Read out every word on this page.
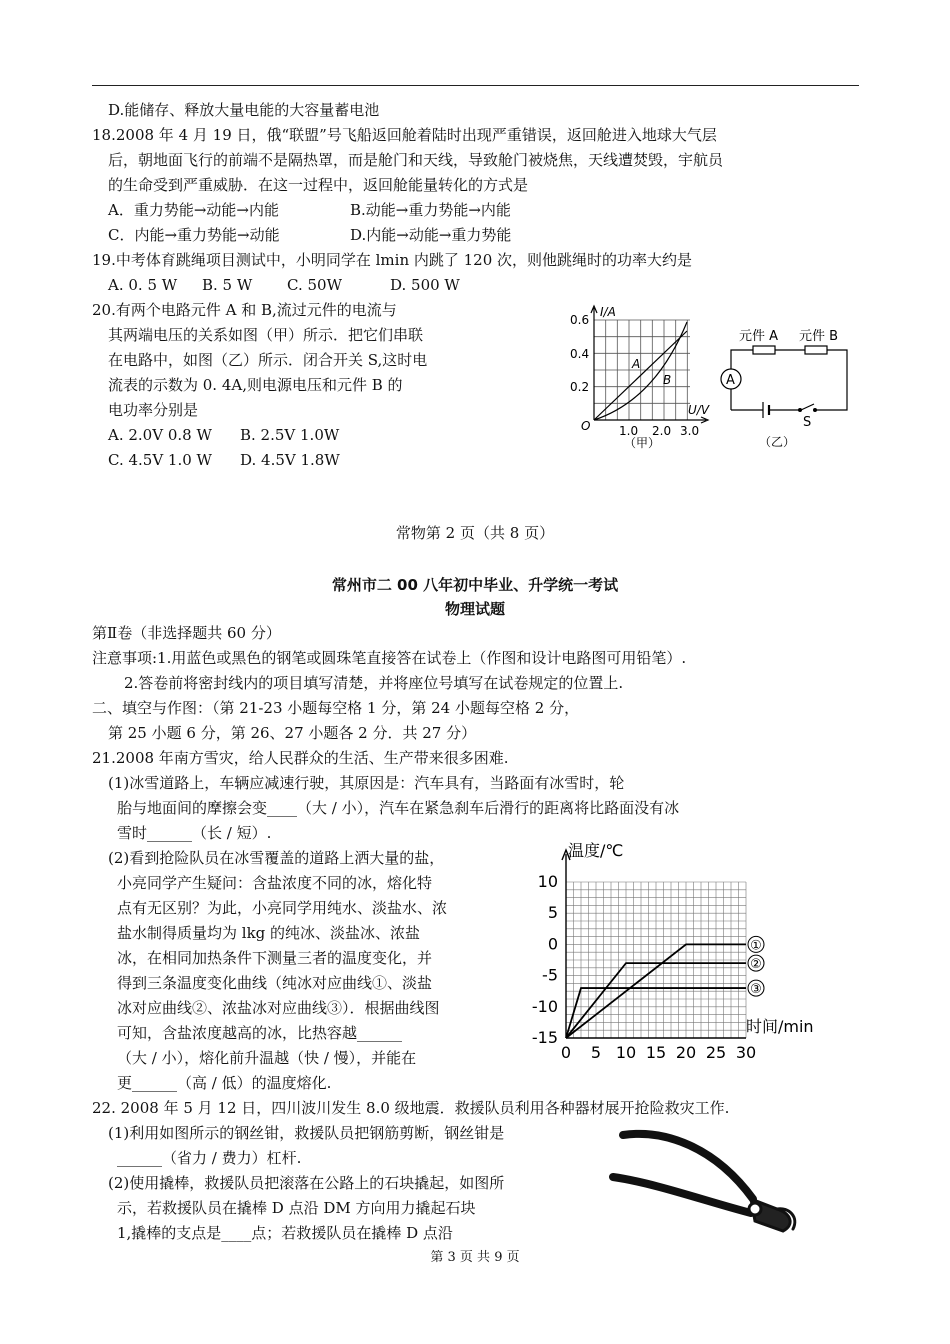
D.能储存、释放大量电能的大容量蓄电池
18.2008 年 4 月 19 日，俄“联盟”号飞船返回舱着陆时出现严重错误，返回舱进入地球大气层
后，朝地面飞行的前端不是隔热罩，而是舱门和天线，导致舱门被烧焦，天线遭焚毁，宇航员
的生命受到严重威胁．在这一过程中，返回舱能量转化的方式是
A．重力势能→动能→内能	B.动能→重力势能→内能
C．内能→重力势能→动能	D.内能→动能→重力势能
19.中考体育跳绳项目测试中，小明同学在 lmin 内跳了 120 次，则他跳绳时的功率大约是
A. 0. 5 W B. 5 W C. 50W	D. 500 W
20.有两个电路元件 A 和 B,流过元件的电流与
其两端电压的关系如图（甲）所示．把它们串联
在电路中，如图（乙）所示．闭合开关 S,这时电
流表的示数为 0. 4A,则电源电压和元件 B 的
电功率分别是
A. 2.0V 0.8 W B. 2.5V 1.0W
C. 4.5V 1.0 W D. 4.5V 1.8W
I/A
U/V
0.6
0.4
0.2
O 1.0 2.0 3.0
A
B
（甲）
A
元件 A 元件 B
S
（乙）
常物第 2 页（共 8 页）
常州市二 00 八年初中毕业、升学统一考试
物理试题
第Ⅱ卷（非选择题共 60 分）
注意事项:1.用蓝色或黑色的钢笔或圆珠笔直接答在试卷上（作图和设计电路图可用铅笔）.
2.答卷前将密封线内的项目填写清楚，并将座位号填写在试卷规定的位置上.
二、填空与作图：（第 21-23 小题每空格 1 分，第 24 小题每空格 2 分，
第 25 小题 6 分，第 26、27 小题各 2 分．共 27 分）
21.2008 年南方雪灾，给人民群众的生活、生产带来很多困难.
(1)冰雪道路上，车辆应减速行驶，其原因是：汽车具有，当路面有冰雪时，轮
胎与地面间的摩擦会变____（大 / 小），汽车在紧急刹车后滑行的距离将比路面没有冰
雪时______（长 / 短）.
(2)看到抢险队员在冰雪覆盖的道路上洒大量的盐，
小亮同学产生疑问：含盐浓度不同的冰，熔化特
点有无区别？为此，小亮同学用纯水、淡盐水、浓
盐水制得质量均为 lkg 的纯冰、淡盐冰、浓盐
冰，在相同加热条件下测量三者的温度变化，并
得到三条温度变化曲线（纯冰对应曲线①、淡盐
冰对应曲线②、浓盐冰对应曲线③）．根据曲线图
可知，含盐浓度越高的冰，比热容越______
（大 / 小），熔化前升温越（快 / 慢），并能在
更______（高 / 低）的温度熔化.
①
②
③
10
5
0
-5
-10
-15
0 5 10 15 20 25 30
温度/℃
时间/min
22. 2008 年 5 月 12 日，四川波川发生 8.0 级地震．救援队员利用各种器材展开抢险救灾工作.
(1)利用如图所示的钢丝钳，救援队员把钢筋剪断，钢丝钳是
______（省力 / 费力）杠杆.
(2)使用撬棒，救援队员把滚落在公路上的石块撬起，如图所
示，若救援队员在撬棒 D 点沿 DM 方向用力撬起石块
1,撬棒的支点是____点；若救援队员在撬棒 D 点沿
第 3 页 共 9 页
